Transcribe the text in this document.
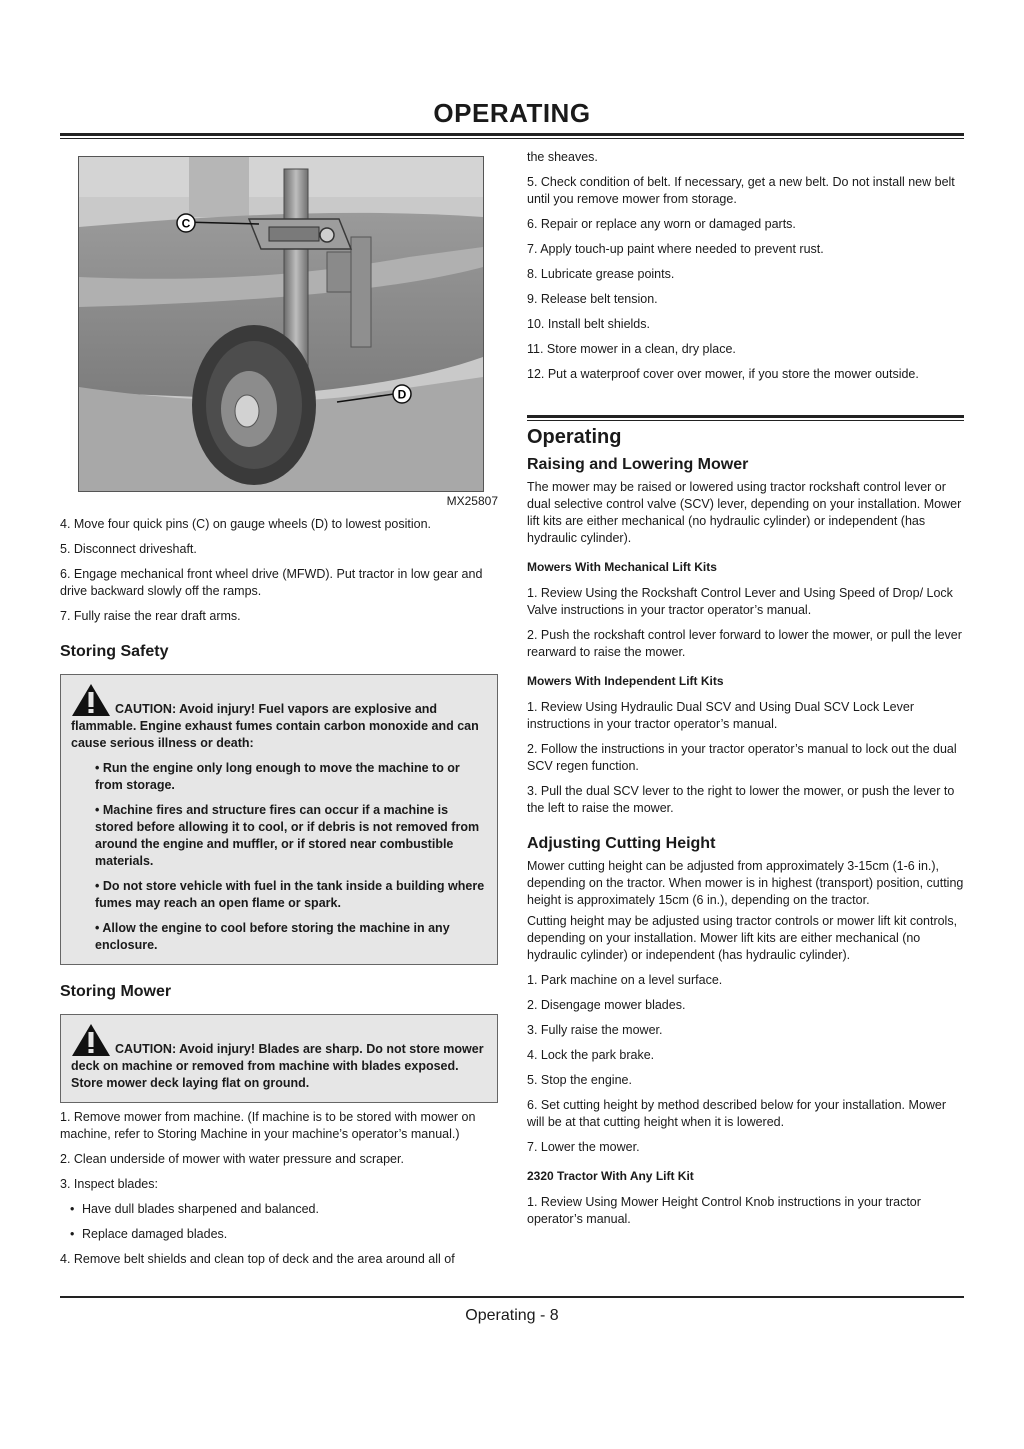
OPERATING
C
D
MX25807

4. Move four quick pins (C) on gauge wheels (D) to lowest position.

5. Disconnect driveshaft.

6. Engage mechanical front wheel drive (MFWD). Put tractor in low gear and drive backward slowly off the ramps.

7. Fully raise the rear draft arms.

Storing Safety

CAUTION: Avoid injury! Fuel vapors are explosive and flammable. Engine exhaust fumes contain carbon monoxide and can cause serious illness or death:

• Run the engine only long enough to move the machine to or from storage.

• Machine fires and structure fires can occur if a machine is stored before allowing it to cool, or if debris is not removed from around the engine and muffler, or if stored near combustible materials.

• Do not store vehicle with fuel in the tank inside a building where fumes may reach an open flame or spark.

• Allow the engine to cool before storing the machine in any enclosure.

Storing Mower

CAUTION: Avoid injury! Blades are sharp. Do not store mower deck on machine or removed from machine with blades exposed. Store mower deck laying flat on ground.

1. Remove mower from machine. (If machine is to be stored with mower on machine, refer to Storing Machine in your machine’s operator’s manual.)

2. Clean underside of mower with water pressure and scraper.

3. Inspect blades:

• Have dull blades sharpened and balanced.

• Replace damaged blades.

4. Remove belt shields and clean top of deck and the area around all of

the sheaves.

5. Check condition of belt. If necessary, get a new belt. Do not install new belt until you remove mower from storage.

6. Repair or replace any worn or damaged parts.

7. Apply touch-up paint where needed to prevent rust.

8. Lubricate grease points.

9. Release belt tension.

10. Install belt shields.

11. Store mower in a clean, dry place.

12. Put a waterproof cover over mower, if you store the mower outside.

Operating
Raising and Lowering Mower

The mower may be raised or lowered using tractor rockshaft control lever or dual selective control valve (SCV) lever, depending on your installation. Mower lift kits are either mechanical (no hydraulic cylinder) or independent (has hydraulic cylinder).

Mowers With Mechanical Lift Kits

1. Review Using the Rockshaft Control Lever and Using Speed of Drop/ Lock Valve instructions in your tractor operator’s manual.

2. Push the rockshaft control lever forward to lower the mower, or pull the lever rearward to raise the mower.

Mowers With Independent Lift Kits

1. Review Using Hydraulic Dual SCV and Using Dual SCV Lock Lever instructions in your tractor operator’s manual.

2. Follow the instructions in your tractor operator’s manual to lock out the dual SCV regen function.

3. Pull the dual SCV lever to the right to lower the mower, or push the lever to the left to raise the mower.

Adjusting Cutting Height

Mower cutting height can be adjusted from approximately 3-15cm (1-6 in.), depending on the tractor. When mower is in highest (transport) position, cutting height is approximately 15cm (6 in.), depending on the tractor.

Cutting height may be adjusted using tractor controls or mower lift kit controls, depending on your installation. Mower lift kits are either mechanical (no hydraulic cylinder) or independent (has hydraulic cylinder).

1. Park machine on a level surface.

2. Disengage mower blades.

3. Fully raise the mower.

4. Lock the park brake.

5. Stop the engine.

6. Set cutting height by method described below for your installation. Mower will be at that cutting height when it is lowered.

7. Lower the mower.

2320 Tractor With Any Lift Kit

1. Review Using Mower Height Control Knob instructions in your tractor operator’s manual.

Operating - 8
